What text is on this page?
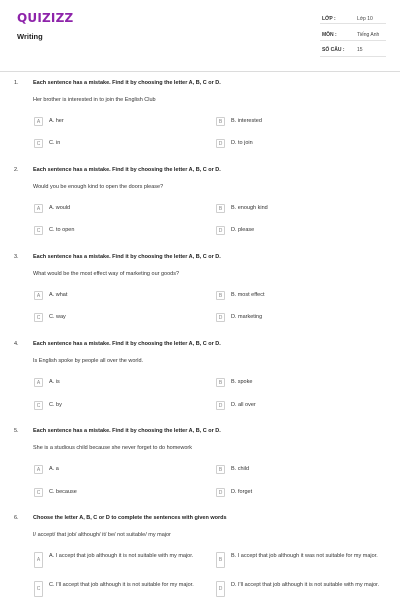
QUIZIZZ
Writing
LỚP :	Lớp 10
MÔN :	Tiếng Anh
SỐ CÂU :	15
1.	Each sentence has a mistake. Find it by choosing the letter A, B, C or D.
Her brother is interested in to join the English Club
A	A. her	B	B. interested
C	C. in	D	D. to join
2.	Each sentence has a mistake. Find it by choosing the letter A, B, C or D.
Would you be enough kind to open the doors please?
A	A. would	B	B. enough kind
C	C. to open	D	D. please
3.	Each sentence has a mistake. Find it by choosing the letter A, B, C or D.
What would be the most effect way of marketing our goods?
A	A. what	B	B. most effect
C	C. way	D	D. marketing
4.	Each sentence has a mistake. Find it by choosing the letter A, B, C or D.
Is English spoke by people all over the world.
A	A. is	B	B. spoke
C	C. by	D	D. all over
5.	Each sentence has a mistake. Find it by choosing the letter A, B, C or D.
She is a studious child because she never forget to do homework
A	A. a	B	B. child
C	C. because	D	D. forget
6.	Choose the letter A, B, C or D to complete the sentences with given words
I/ accept/ that job/ although/ it/ be/ not suitable/ my major
A
A. I accept that job although it is not suitable with my major.
B
B. I accept that job although it was not suitable for my major.
C
C. I'll accept that job although it is not suitable for my major.
D
D. I'll accept that job although it is not suitable with my major.
